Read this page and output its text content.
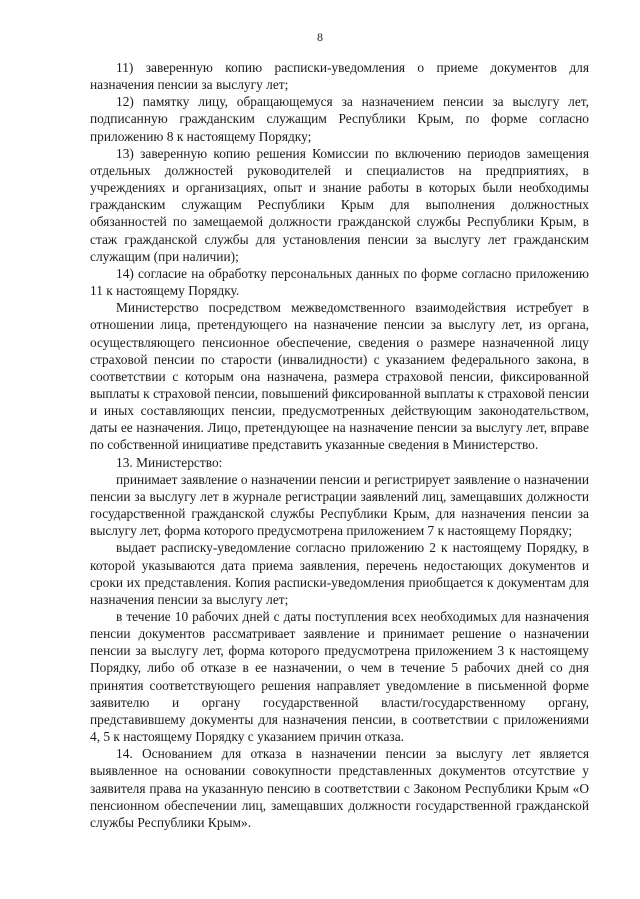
8

11) заверенную копию расписки-уведомления о приеме документов для назначения пенсии за выслугу лет;

12) памятку лицу, обращающемуся за назначением пенсии за выслугу лет, подписанную гражданским служащим Республики Крым, по форме согласно приложению 8 к настоящему Порядку;

13) заверенную копию решения Комиссии по включению периодов замещения отдельных должностей руководителей и специалистов на предприятиях, в учреждениях и организациях, опыт и знание работы в которых были необходимы гражданским служащим Республики Крым для выполнения должностных обязанностей по замещаемой должности гражданской службы Республики Крым, в стаж гражданской службы для установления пенсии за выслугу лет гражданским служащим (при наличии);

14) согласие на обработку персональных данных по форме согласно приложению 11 к настоящему Порядку.

Министерство посредством межведомственного взаимодействия истребует в отношении лица, претендующего на назначение пенсии за выслугу лет, из органа, осуществляющего пенсионное обеспечение, сведения о размере назначенной лицу страховой пенсии по старости (инвалидности) с указанием федерального закона, в соответствии с которым она назначена, размера страховой пенсии, фиксированной выплаты к страховой пенсии, повышений фиксированной выплаты к страховой пенсии и иных составляющих пенсии, предусмотренных действующим законодательством, даты ее назначения. Лицо, претендующее на назначение пенсии за выслугу лет, вправе по собственной инициативе представить указанные сведения в Министерство.

13. Министерство:

принимает заявление о назначении пенсии и регистрирует заявление о назначении пенсии за выслугу лет в журнале регистрации заявлений лиц, замещавших должности государственной гражданской службы Республики Крым, для назначения пенсии за выслугу лет, форма которого предусмотрена приложением 7 к настоящему Порядку;

выдает расписку-уведомление согласно приложению 2 к настоящему Порядку, в которой указываются дата приема заявления, перечень недостающих документов и сроки их представления. Копия расписки-уведомления приобщается к документам для назначения пенсии за выслугу лет;

в течение 10 рабочих дней с даты поступления всех необходимых для назначения пенсии документов рассматривает заявление и принимает решение о назначении пенсии за выслугу лет, форма которого предусмотрена приложением 3 к настоящему Порядку, либо об отказе в ее назначении, о чем в течение 5 рабочих дней со дня принятия соответствующего решения направляет уведомление в письменной форме заявителю и органу государственной власти/государственному органу, представившему документы для назначения пенсии, в соответствии с приложениями 4, 5 к настоящему Порядку с указанием причин отказа.

14. Основанием для отказа в назначении пенсии за выслугу лет является выявленное на основании совокупности представленных документов отсутствие у заявителя права на указанную пенсию в соответствии с Законом Республики Крым «О пенсионном обеспечении лиц, замещавших должности государственной гражданской службы Республики Крым».
